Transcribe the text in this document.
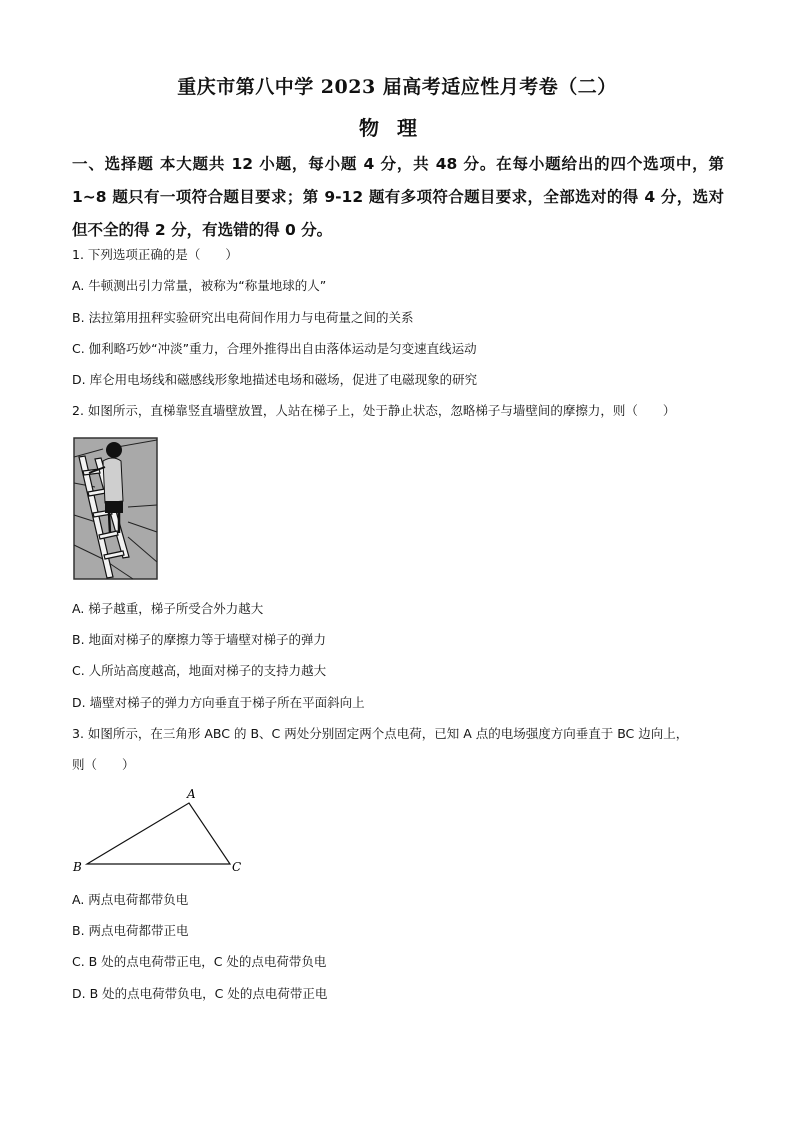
重庆市第八中学 2023 届高考适应性月考卷（二）
物理
一、选择题 本大题共 12 小题，每小题 4 分，共 48 分。在每小题给出的四个选项中，第 1~8 题只有一项符合题目要求；第 9-12 题有多项符合题目要求，全部选对的得 4 分，选对但不全的得 2 分，有选错的得 0 分。
1. 下列选项正确的是（　　）
A. 牛顿测出引力常量，被称为“称量地球的人”
B. 法拉第用扭秤实验研究出电荷间作用力与电荷量之间的关系
C. 伽利略巧妙“冲淡”重力，合理外推得出自由落体运动是匀变速直线运动
D. 库仑用电场线和磁感线形象地描述电场和磁场，促进了电磁现象的研究
2. 如图所示，直梯靠竖直墙壁放置，人站在梯子上，处于静止状态，忽略梯子与墙壁间的摩擦力，则（　　）
A. 梯子越重，梯子所受合外力越大
B. 地面对梯子的摩擦力等于墙壁对梯子的弹力
C. 人所站高度越高，地面对梯子的支持力越大
D. 墙壁对梯子的弹力方向垂直于梯子所在平面斜向上
3. 如图所示，在三角形 ABC 的 B、C 两处分别固定两个点电荷，已知 A 点的电场强度方向垂直于 BC 边向上，
则（　　）
A
B	C
A. 两点电荷都带负电
B. 两点电荷都带正电
C. B 处的点电荷带正电，C 处的点电荷带负电
D. B 处的点电荷带负电，C 处的点电荷带正电
